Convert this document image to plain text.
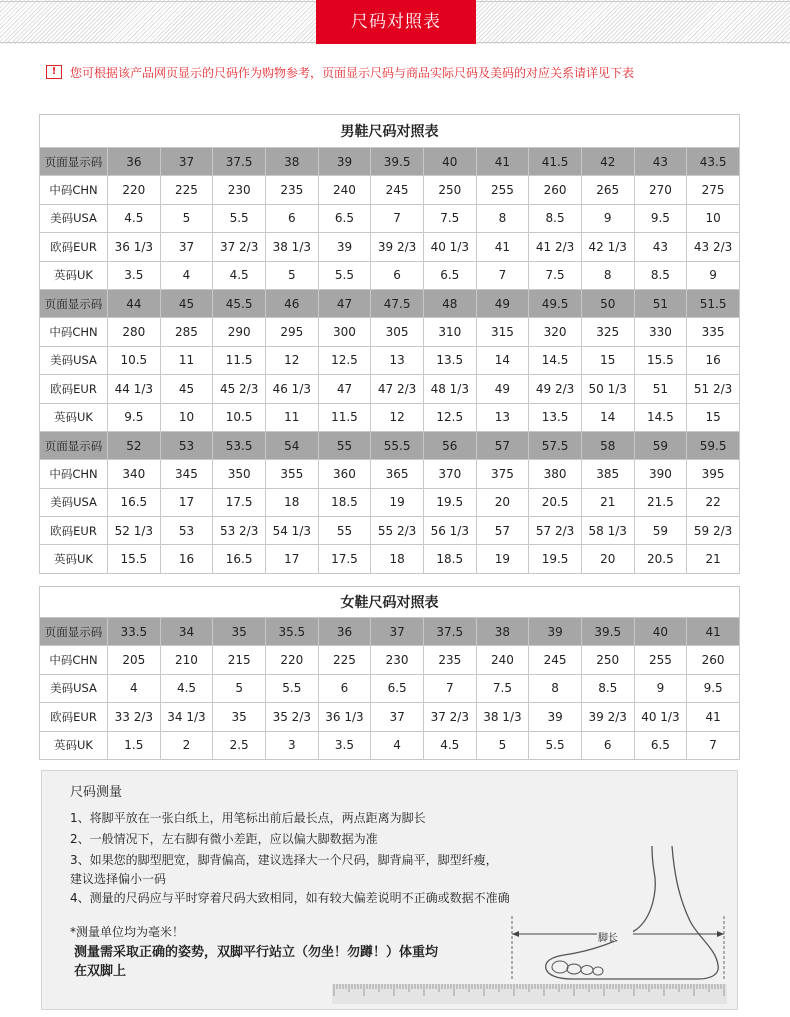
尺码对照表
!	您可根据该产品网页显示的尺码作为购物参考，页面显示尺码与商品实际尺码及美码的对应关系请详见下表
男鞋尺码对照表												
页面显示码	36	37	37.5	38	39	39.5	40	41	41.5	42	43	43.5
中码CHN	220	225	230	235	240	245	250	255	260	265	270	275
美码USA	4.5	5	5.5	6	6.5	7	7.5	8	8.5	9	9.5	10
欧码EUR	36 1/3	37	37 2/3	38 1/3	39	39 2/3	40 1/3	41	41 2/3	42 1/3	43	43 2/3
英码UK	3.5	4	4.5	5	5.5	6	6.5	7	7.5	8	8.5	9
页面显示码	44	45	45.5	46	47	47.5	48	49	49.5	50	51	51.5
中码CHN	280	285	290	295	300	305	310	315	320	325	330	335
美码USA	10.5	11	11.5	12	12.5	13	13.5	14	14.5	15	15.5	16
欧码EUR	44 1/3	45	45 2/3	46 1/3	47	47 2/3	48 1/3	49	49 2/3	50 1/3	51	51 2/3
英码UK	9.5	10	10.5	11	11.5	12	12.5	13	13.5	14	14.5	15
页面显示码	52	53	53.5	54	55	55.5	56	57	57.5	58	59	59.5
中码CHN	340	345	350	355	360	365	370	375	380	385	390	395
美码USA	16.5	17	17.5	18	18.5	19	19.5	20	20.5	21	21.5	22
欧码EUR	52 1/3	53	53 2/3	54 1/3	55	55 2/3	56 1/3	57	57 2/3	58 1/3	59	59 2/3
英码UK	15.5	16	16.5	17	17.5	18	18.5	19	19.5	20	20.5	21
女鞋尺码对照表												
页面显示码	33.5	34	35	35.5	36	37	37.5	38	39	39.5	40	41
中码CHN	205	210	215	220	225	230	235	240	245	250	255	260
美码USA	4	4.5	5	5.5	6	6.5	7	7.5	8	8.5	9	9.5
欧码EUR	33 2/3	34 1/3	35	35 2/3	36 1/3	37	37 2/3	38 1/3	39	39 2/3	40 1/3	41
英码UK	1.5	2	2.5	3	3.5	4	4.5	5	5.5	6	6.5	7
尺码测量
1、将脚平放在一张白纸上，用笔标出前后最长点，两点距离为脚长
2、一般情况下，左右脚有微小差距，应以偏大脚数据为准
3、如果您的脚型肥宽，脚背偏高，建议选择大一个尺码，脚背扁平，脚型纤瘦，
建议选择偏小一码
4、测量的尺码应与平时穿着尺码大致相同，如有较大偏差说明不正确或数据不准确
*测量单位均为毫米！
测量需采取正确的姿势，双脚平行站立（勿坐！勿蹲！）体重均
在双脚上
脚长
